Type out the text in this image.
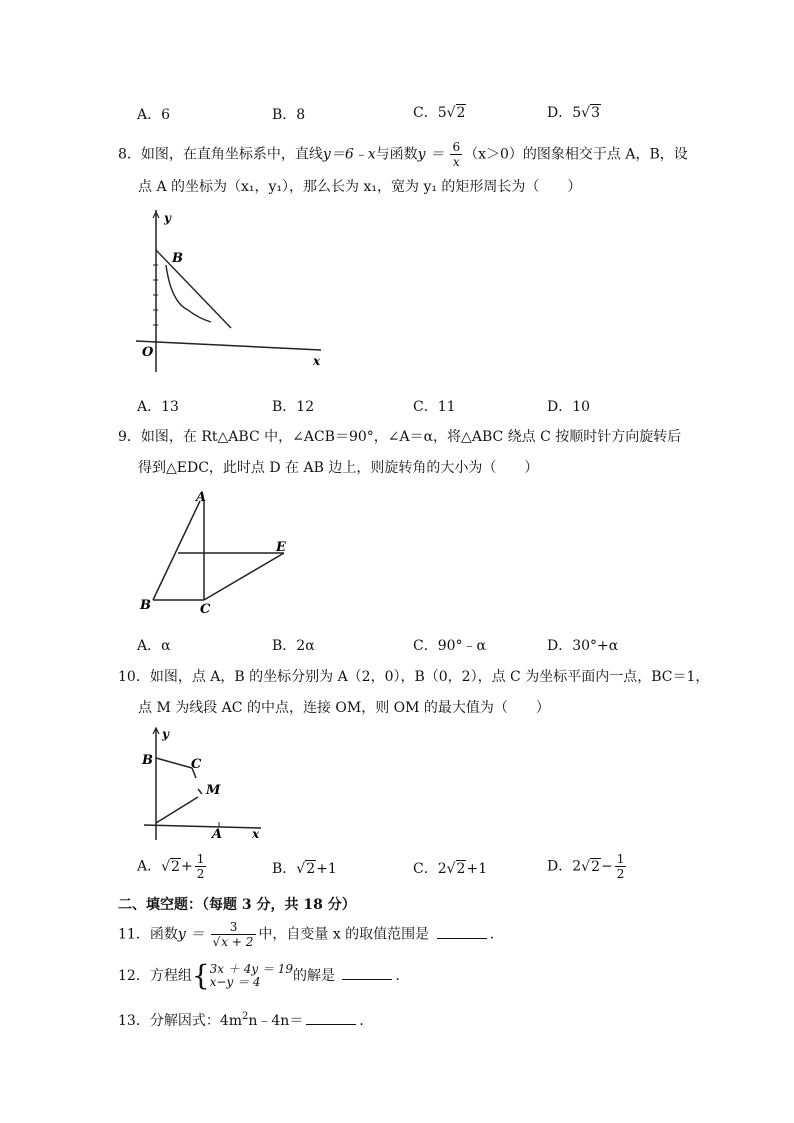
A．6	B．8	C．5√2	D．5√3
8．如图，在直角坐标系中，直线y＝6﹣x与函数$y = \frac{6}{x} (x>0)$的图象相交于点 A，B，设
点 A 的坐标为（x₁，y₁），那么长为 x₁，宽为 y₁ 的矩形周长为（　　）
y
B
O
x
A．13	B．12	C．11	D．10
9．如图，在 Rt△ABC 中，∠ACB＝90°，∠A＝α，将△ABC 绕点 C 按顺时针方向旋转后
得到△EDC，此时点 D 在 AB 边上，则旋转角的大小为（　　）
A
B	C
E
A．α	B．2α	C．90°﹣α	D．30°+α
10．如图，点 A，B 的坐标分别为 A（2，0），B（0，2），点 C 为坐标平面内一点，BC＝1，
点 M 为线段 AC 的中点，连接 OM，则 OM 的最大值为（　　）
y
B	C
M
A x
A．$√2+ \frac{1}{2}$	B．√2+1	C．2√2+1	D．$2√2- \frac{1}{2}$
二、填空题：（每题 3 分，共 18 分）
11．函数$y = \frac{3}{√x + 2}$ 中，自变量 x 的取值范围是	．
12．方程组{ 3x ＋ 4y ＝ 19
x−y ＝ 4	的解是	．
13．分解因式：$4m^2n﹣4n=$	．
